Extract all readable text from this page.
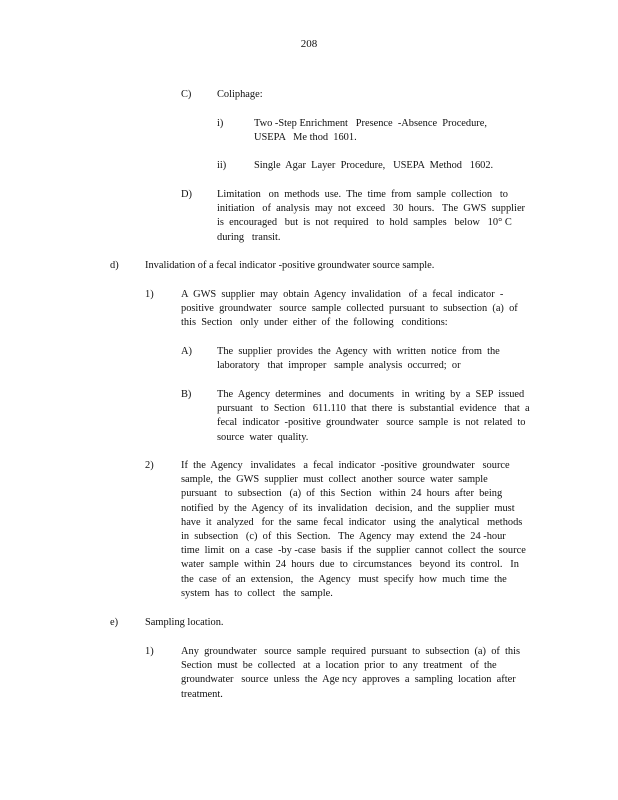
208
C) Coliphage:
i)	Two -Step Enrichment   Presence  -Absence  Procedure,
USEPA   Me thod  1601.
ii)	Single  Agar  Layer  Procedure,   USEPA  Method   1602.
D) Limitation   on  methods  use.  The  time  from  sample  collection   to
initiation   of  analysis  may  not  exceed   30  hours.   The  GWS  supplier
is  encouraged   but  is  not  required   to  hold  samples   below   10° C
during   transit.
d)	Invalidation of a fecal indicator -positive groundwater source sample.
1)	A  GWS  supplier  may  obtain  Agency  invalidation   of  a  fecal  indicator  -
positive  groundwater   source  sample  collected  pursuant  to  subsection  (a)  of
this  Section   only  under  either  of  the  following   conditions:
A) The  supplier  provides  the  Agency  with  written  notice  from  the
laboratory   that  improper   sample  analysis  occurred;  or
B) The  Agency  determines   and  documents   in  writing  by  a  SEP  issued
pursuant   to  Section   611.110  that  there  is  substantial  evidence   that  a
fecal  indicator  -positive  groundwater   source  sample  is  not  related  to
source  water  quality.
2)	If  the  Agency   invalidates   a  fecal  indicator  -positive  groundwater   source
sample,  the  GWS  supplier  must  collect  another  source  water  sample
pursuant   to  subsection   (a)  of  this  Section   within  24  hours  after  being
notified  by  the  Agency  of  its  invalidation   decision,  and  the  supplier  must
have  it  analyzed   for  the  same  fecal  indicator   using  the  analytical   methods
in  subsection   (c)  of  this  Section.   The  Agency  may  extend  the  24 -hour
time  limit  on  a  case  -by -case  basis  if  the  supplier  cannot  collect  the  source
water  sample  within  24  hours  due  to  circumstances   beyond  its  control.   In
the  case  of  an  extension,   the  Agency   must  specify  how  much  time  the
system  has  to  collect   the  sample.
e)	Sampling location.
1)	Any  groundwater   source  sample  required  pursuant  to  subsection  (a)  of  this
Section  must  be  collected   at  a  location  prior  to  any  treatment   of  the
groundwater   source  unless  the  Age ncy  approves  a  sampling  location  after
treatment.
